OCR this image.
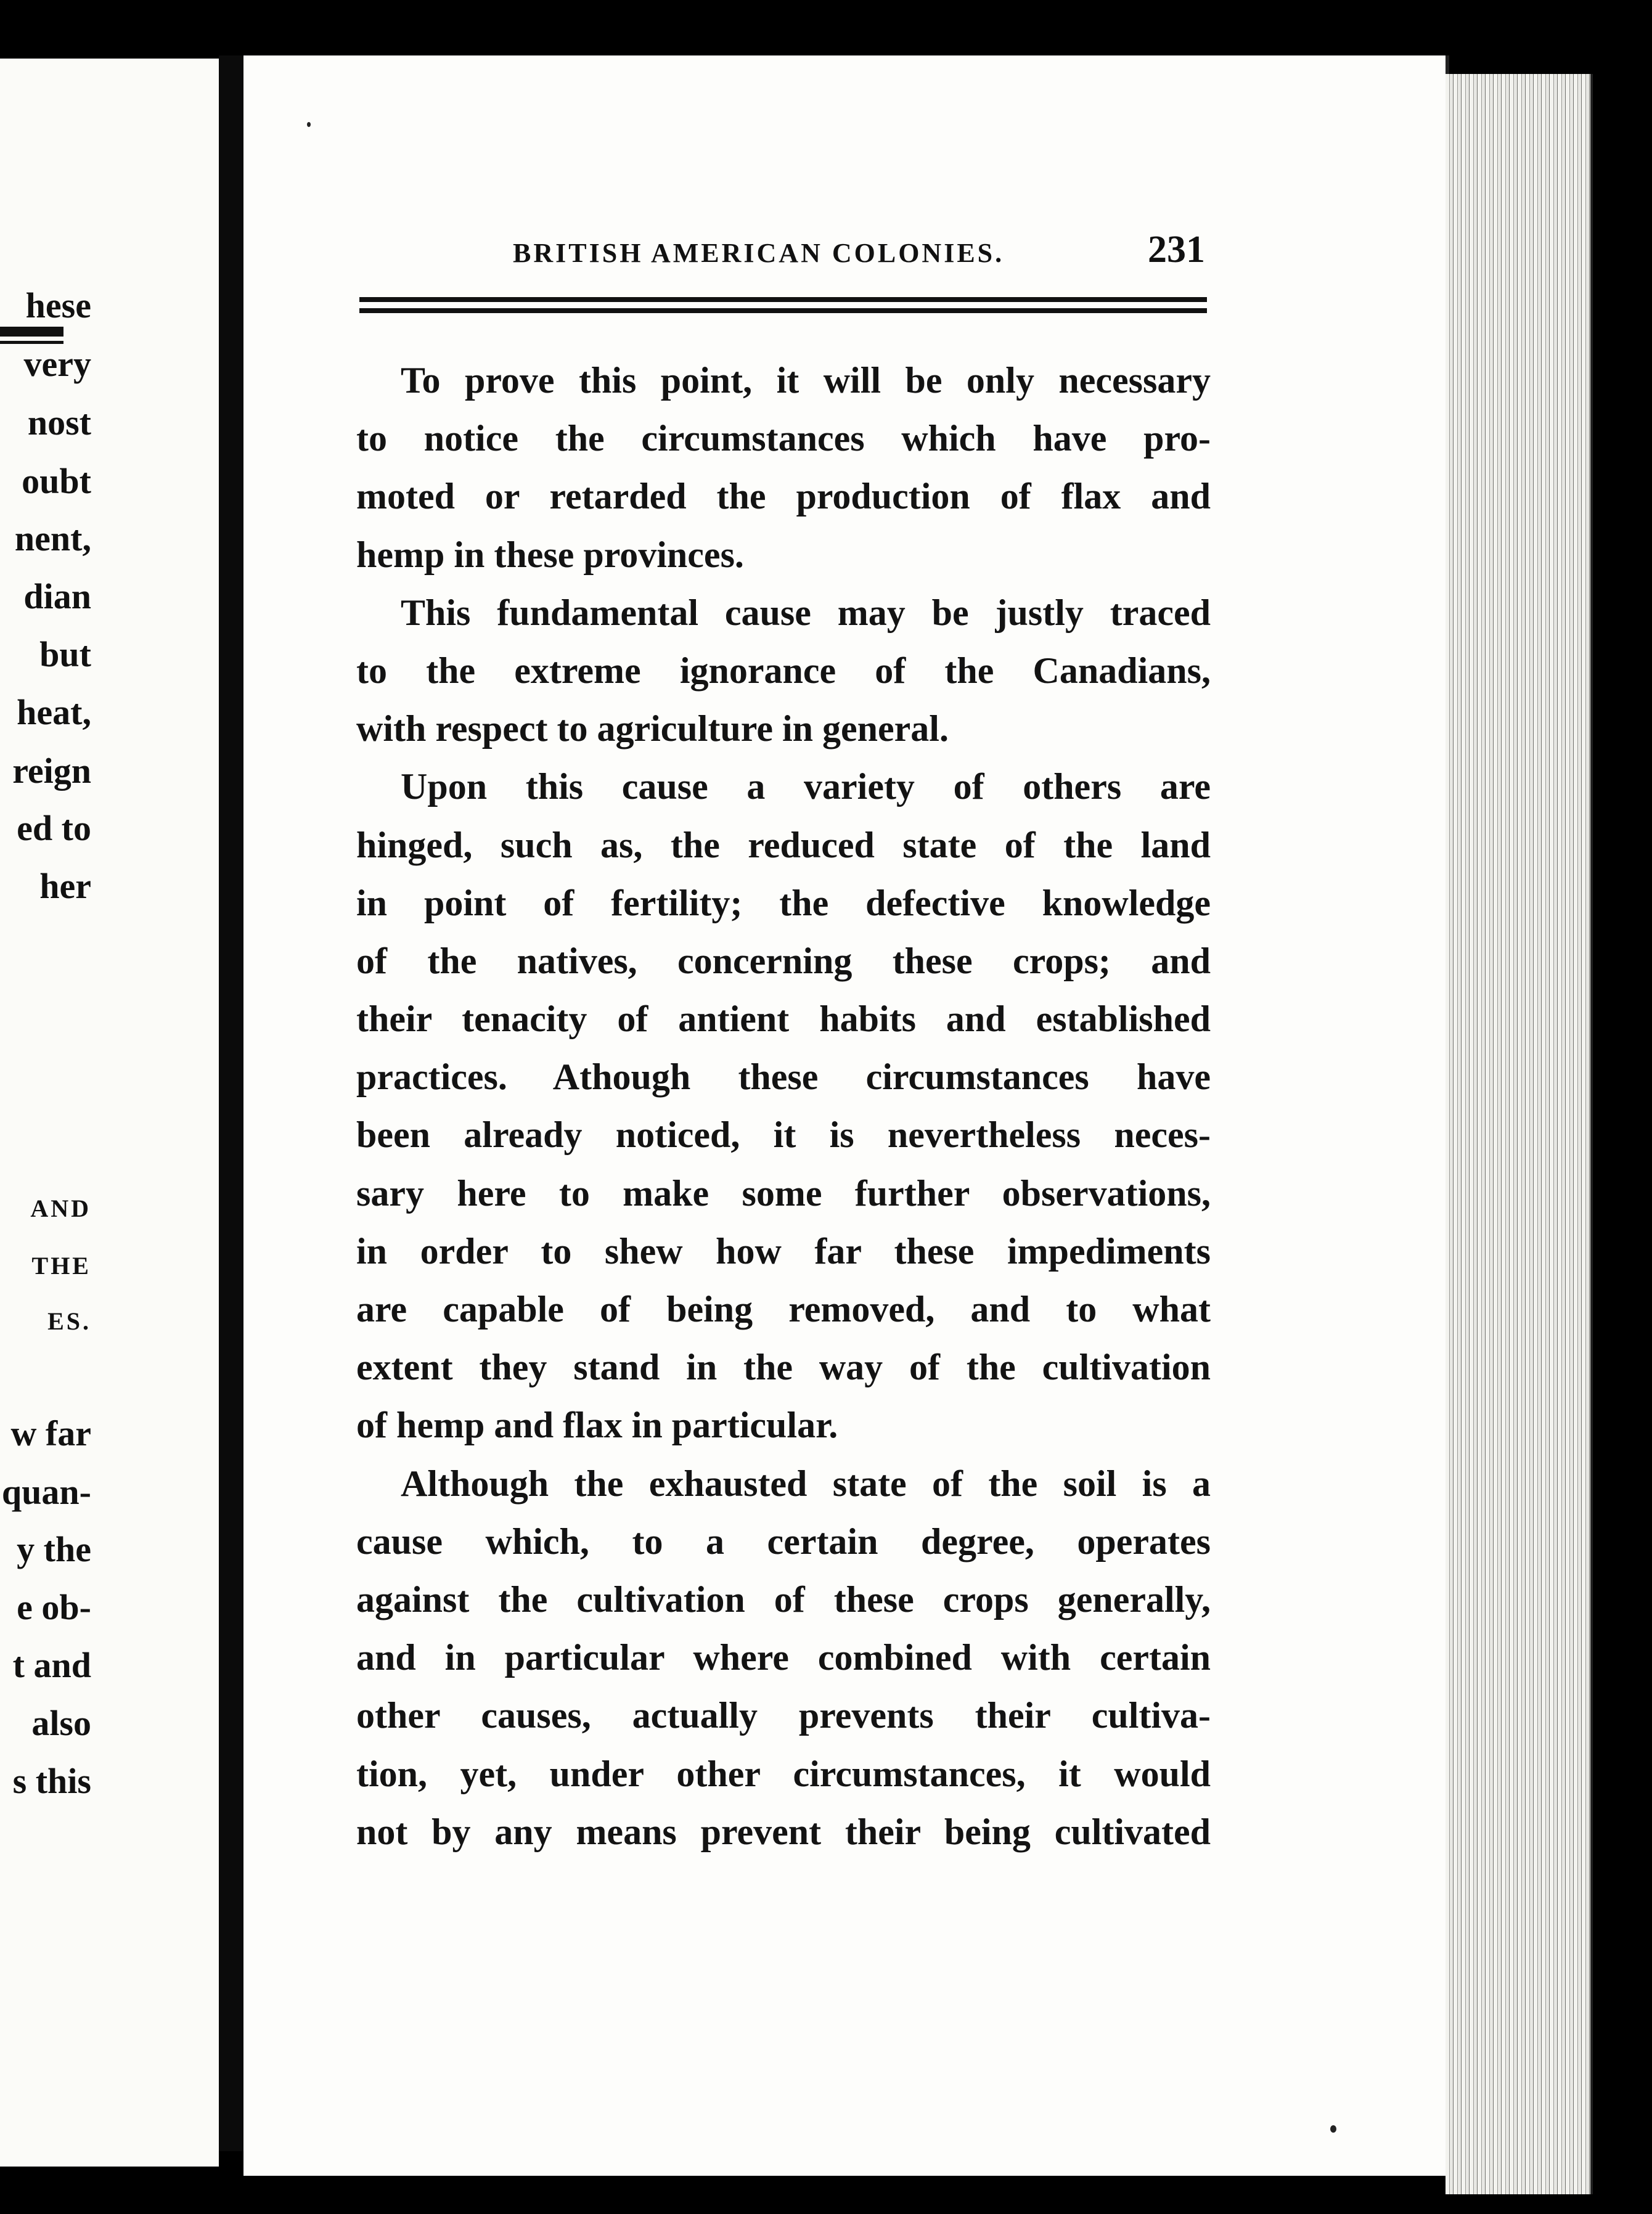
hese
very
nost
oubt
nent,
dian
but
heat,
reign
ed to
her
AND
THE
ES.
w far
quan-
y the
e ob-
t and
also
s this
BRITISH AMERICAN COLONIES.	231
To prove this point, it will be only necessary
to notice the circumstances which have pro-
moted or retarded the production of flax and
hemp in these provinces.
This fundamental cause may be justly traced
to the extreme ignorance of the Canadians,
with respect to agriculture in general.
Upon this cause a variety of others are
hinged, such as, the reduced state of the land
in point of fertility; the defective knowledge
of the natives, concerning these crops; and
their tenacity of antient habits and established
practices. Athough these circumstances have
been already noticed, it is nevertheless neces-
sary here to make some further observations,
in order to shew how far these impediments
are capable of being removed, and to what
extent they stand in the way of the cultivation
of hemp and flax in particular.
Although the exhausted state of the soil is a
cause which, to a certain degree, operates
against the cultivation of these crops generally,
and in particular where combined with certain
other causes, actually prevents their cultiva-
tion, yet, under other circumstances, it would
not by any means prevent their being cultivated
